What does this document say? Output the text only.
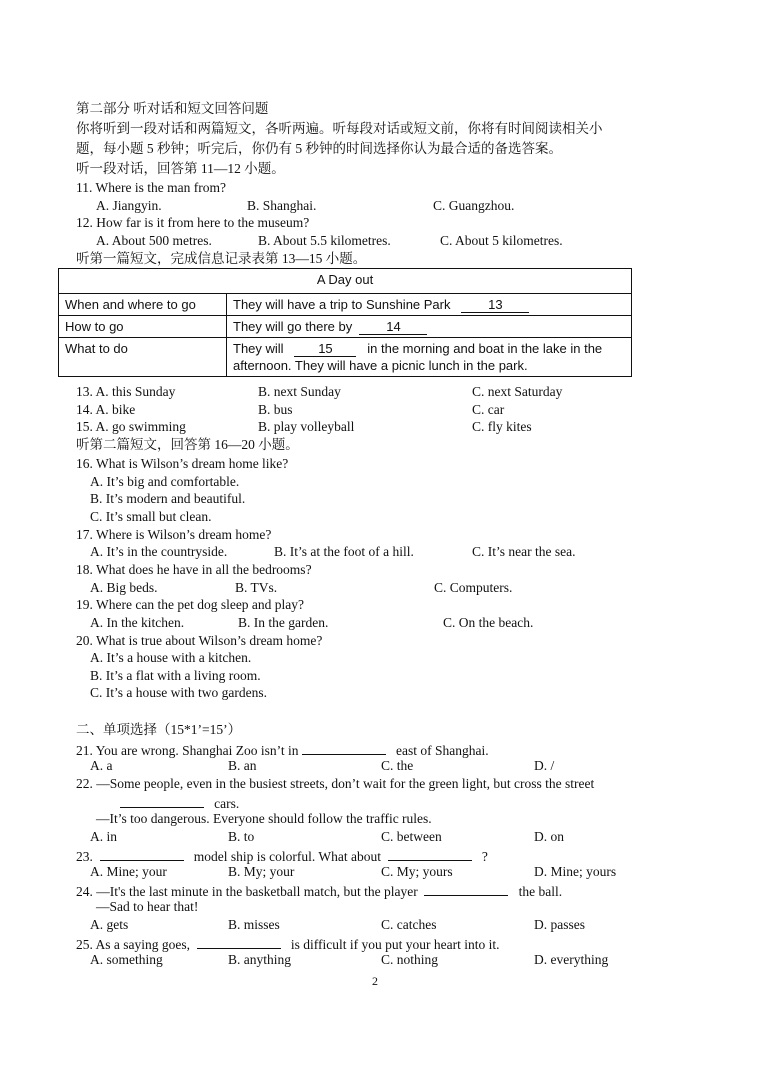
第二部分 听对话和短文回答问题
你将听到一段对话和两篇短文，各听两遍。听每段对话或短文前，你将有时间阅读相关小
题，每小题 5 秒钟；听完后，你仍有 5 秒钟的时间选择你认为最合适的备选答案。
听一段对话，回答第 11—12 小题。
11. Where is the man from?
A. Jiangyin.	B. Shanghai.	C. Guangzhou.
12. How far is it from here to the museum?
A. About 500 metres.	B. About 5.5 kilometres.	C. About 5 kilometres.
听第一篇短文，完成信息记录表第 13—15 小题。
A Day out	
When and where to go	They will have a trip to Sunshine Park 13
How to go	They will go there by 14
What to do	They will 15 in the morning and boat in the lake in the
afternoon. They will have a picnic lunch in the park.
13. A. this Sunday	B. next Sunday	C. next Saturday
14. A. bike	B. bus	C. car
15. A. go swimming	B. play volleyball	C. fly kites
听第二篇短文，回答第 16—20 小题。
16. What is Wilson’s dream home like?
A. It’s big and comfortable.
B. It’s modern and beautiful.
C. It’s small but clean.
17. Where is Wilson’s dream home?
A. It’s in the countryside.	B. It’s at the foot of a hill.	C. It’s near the sea.
18. What does he have in all the bedrooms?
A. Big beds.	B. TVs.	C. Computers.
19. Where can the pet dog sleep and play?
A. In the kitchen.	B. In the garden.	C. On the beach.
20. What is true about Wilson’s dream home?
A. It’s a house with a kitchen.
B. It’s a flat with a living room.
C. It’s a house with two gardens.
二、单项选择（15*1’=15’）
21. You are wrong. Shanghai Zoo isn’t in	east of Shanghai.
A. a	B. an	C. the	D. /
22. —Some people, even in the busiest streets, don’t wait for the green light, but cross the street
cars.
—It’s too dangerous. Everyone should follow the traffic rules.
A. in	B. to	C. between	D. on
23.	model ship is colorful. What about	?
A. Mine; your	B. My; your	C. My; yours	D. Mine; yours
24. —It's the last minute in the basketball match, but the player	the ball.
—Sad to hear that!
A. gets	B. misses	C. catches	D. passes
25. As a saying goes,	is difficult if you put your heart into it.
A. something	B. anything	C. nothing	D. everything
2
